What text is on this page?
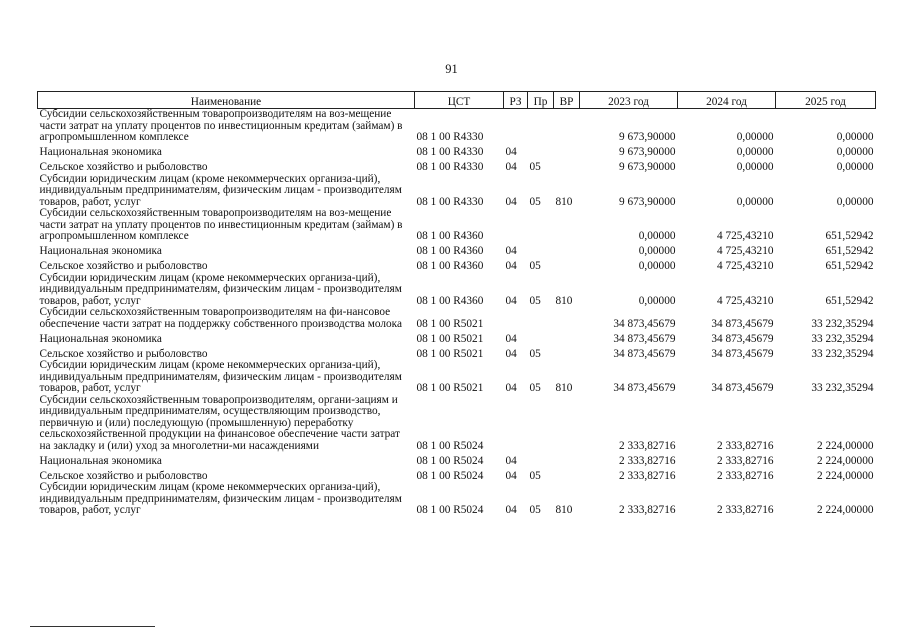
91
Наименование	ЦСТ	РЗ	Пр	ВР	2023 год	2024 год	2025 год
Субсидии сельскохозяйственным товаропроизводителям на воз-мещение части затрат на уплату процентов по инвестиционным кредитам (займам) в агропромышленном комплексе	08 1 00 R4330				9 673,90000	0,00000	0,00000
Национальная экономика	08 1 00 R4330	04			9 673,90000	0,00000	0,00000
Сельское хозяйство и рыболовство	08 1 00 R4330	04	05		9 673,90000	0,00000	0,00000
Субсидии юридическим лицам (кроме некоммерческих организа-ций), индивидуальным предпринимателям, физическим лицам - производителям товаров, работ, услуг	08 1 00 R4330	04	05	810	9 673,90000	0,00000	0,00000
Субсидии сельскохозяйственным товаропроизводителям на воз-мещение части затрат на уплату процентов по инвестиционным кредитам (займам) в агропромышленном комплексе	08 1 00 R4360				0,00000	4 725,43210	651,52942
Национальная экономика	08 1 00 R4360	04			0,00000	4 725,43210	651,52942
Сельское хозяйство и рыболовство	08 1 00 R4360	04	05		0,00000	4 725,43210	651,52942
Субсидии юридическим лицам (кроме некоммерческих организа-ций), индивидуальным предпринимателям, физическим лицам - производителям товаров, работ, услуг	08 1 00 R4360	04	05	810	0,00000	4 725,43210	651,52942
Субсидии сельскохозяйственным товаропроизводителям на фи-нансовое обеспечение части затрат на поддержку собственного производства молока	08 1 00 R5021				34 873,45679	34 873,45679	33 232,35294
Национальная экономика	08 1 00 R5021	04			34 873,45679	34 873,45679	33 232,35294
Сельское хозяйство и рыболовство	08 1 00 R5021	04	05		34 873,45679	34 873,45679	33 232,35294
Субсидии юридическим лицам (кроме некоммерческих организа-ций), индивидуальным предпринимателям, физическим лицам - производителям товаров, работ, услуг	08 1 00 R5021	04	05	810	34 873,45679	34 873,45679	33 232,35294
Субсидии сельскохозяйственным товаропроизводителям, органи-зациям и индивидуальным предпринимателям, осуществляющим производство, первичную и (или) последующую (промышленную) переработку сельскохозяйственной продукции на финансовое обеспечение части затрат на закладку и (или) уход за многолетни-ми насаждениями	08 1 00 R5024				2 333,82716	2 333,82716	2 224,00000
Национальная экономика	08 1 00 R5024	04			2 333,82716	2 333,82716	2 224,00000
Сельское хозяйство и рыболовство	08 1 00 R5024	04	05		2 333,82716	2 333,82716	2 224,00000
Субсидии юридическим лицам (кроме некоммерческих организа-ций), индивидуальным предпринимателям, физическим лицам - производителям товаров, работ, услуг	08 1 00 R5024	04	05	810	2 333,82716	2 333,82716	2 224,00000
